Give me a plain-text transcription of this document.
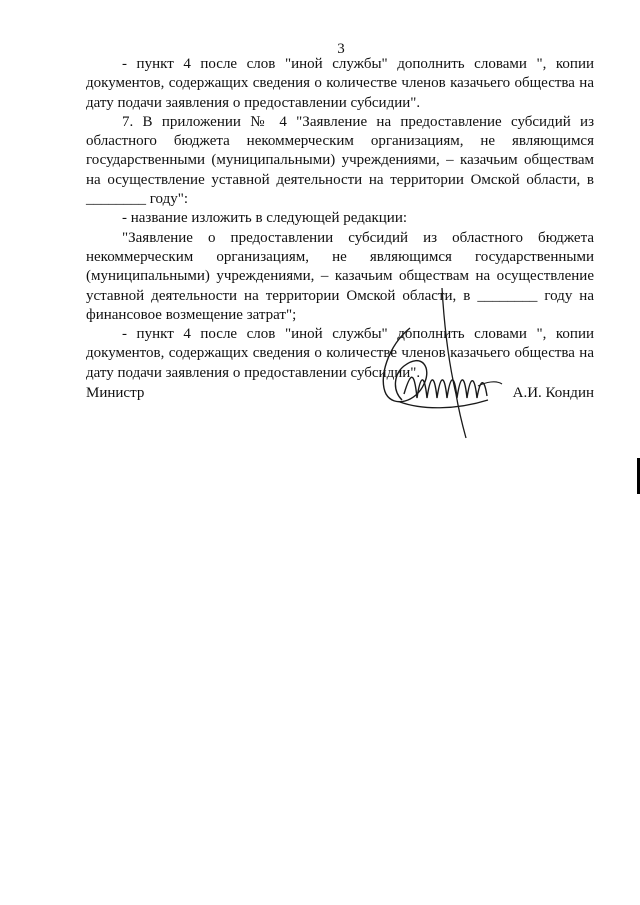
3

- пункт 4 после слов "иной службы" дополнить словами ", копии документов, содержащих сведения о количестве членов казачьего общества на дату подачи заявления о предоставлении субсидии".

7. В приложении № 4 "Заявление на предоставление субсидий из областного бюджета некоммерческим организациям, не являющимся государственными (муниципальными) учреждениями, – казачьим обществам на осуществление уставной деятельности на территории Омской области, в ________ году":

- название изложить в следующей редакции:

"Заявление о предоставлении субсидий из областного бюджета некоммерческим организациям, не являющимся государственными (муниципальными) учреждениями, – казачьим обществам на осуществление уставной деятельности на территории Омской области, в ________ году на финансовое возмещение затрат";

- пункт 4 после слов "иной службы" дополнить словами ", копии документов, содержащих сведения о количестве членов казачьего общества на дату подачи заявления о предоставлении субсидии".

Министр	А.И. Кондин
